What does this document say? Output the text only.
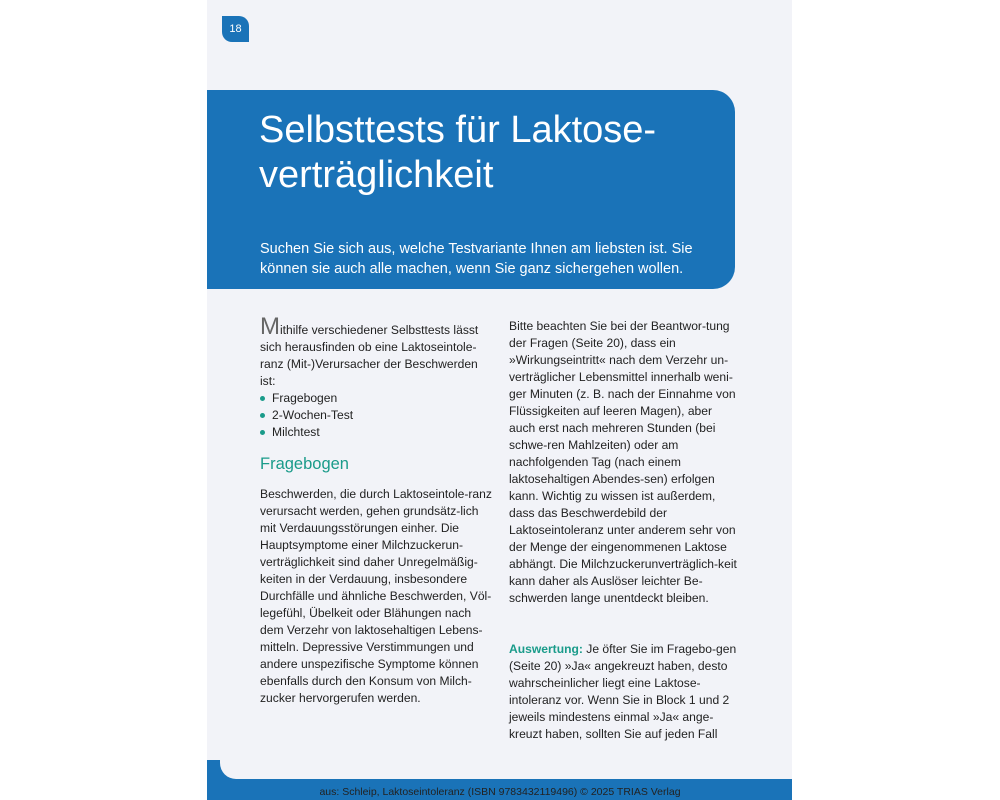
18
Selbsttests für Laktose-verträglichkeit

Suchen Sie sich aus, welche Testvariante Ihnen am liebsten ist. Sie können sie auch alle machen, wenn Sie ganz sichergehen wollen.

Mithilfe verschiedener Selbsttests lässt sich herausfinden ob eine Laktoseintole-ranz (Mit-)Verursacher der Beschwerden ist:

Fragebogen
2-Wochen-Test
Milchtest
Fragebogen

Beschwerden, die durch Laktoseintole-ranz verursacht werden, gehen grundsätz-lich mit Verdauungsstörungen einher. Die Hauptsymptome einer Milchzuckerun-verträglichkeit sind daher Unregelmäßig-keiten in der Verdauung, insbesondere Durchfälle und ähnliche Beschwerden, Völ-legefühl, Übelkeit oder Blähungen nach dem Verzehr von laktosehaltigen Lebens-mitteln. Depressive Verstimmungen und andere unspezifische Symptome können ebenfalls durch den Konsum von Milch-zucker hervorgerufen werden.

Bitte beachten Sie bei der Beantwor-tung der Fragen (Seite 20), dass ein »Wirkungseintritt« nach dem Verzehr un-verträglicher Lebensmittel innerhalb weni-ger Minuten (z. B. nach der Einnahme von Flüssigkeiten auf leeren Magen), aber auch erst nach mehreren Stunden (bei schwe-ren Mahlzeiten) oder am nachfolgenden Tag (nach einem laktosehaltigen Abendes-sen) erfolgen kann. Wichtig zu wissen ist außerdem, dass das Beschwerdebild der Laktoseintoleranz unter anderem sehr von der Menge der eingenommenen Laktose abhängt. Die Milchzuckerunverträglich-keit kann daher als Auslöser leichter Be-schwerden lange unentdeckt bleiben.

Auswertung: Je öfter Sie im Fragebo-gen (Seite 20) »Ja« angekreuzt haben, desto wahrscheinlicher liegt eine Laktose-intoleranz vor. Wenn Sie in Block 1 und 2 jeweils mindestens einmal »Ja« ange-kreuzt haben, sollten Sie auf jeden Fall

aus: Schleip, Laktoseintoleranz (ISBN 9783432119496) © 2025 TRIAS Verlag
